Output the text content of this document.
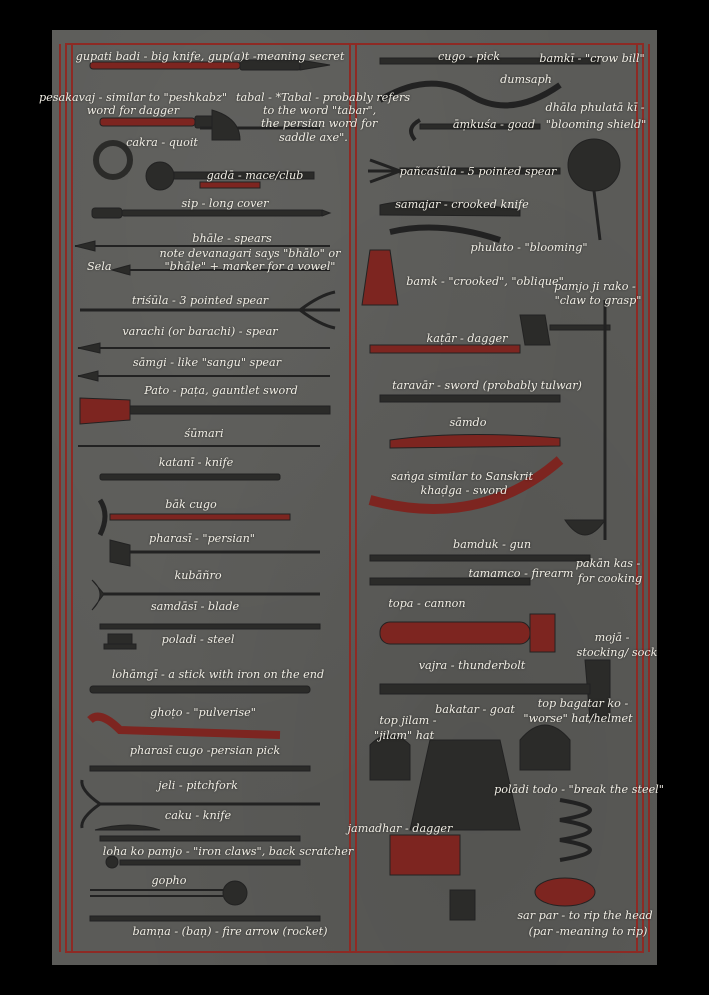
gupati badi - big knife, gup(a)t -meaning secret
pesakavaj - similar to "peshkabz"
word for dagger
tabal - *Tabal - probably refers
to the word "tabar",
the persian word for
saddle axe".
cakra - quoit
gadā - mace/club
sip - long cover
bhāle - spears
note devanagari says "bhālo" or
"bhāle" + marker for a vowel"
Sela
triśūla - 3 pointed spear
varachi (or barachi) - spear
sāmgi - like "sangu" spear
Pato - paṭa, gauntlet sword
śūmari
katanī - knife
bāk cugo
pharasī - "persian"
kubāñro
samdāsī - blade
poladi - steel
lohāmgī - a stick with iron on the end
ghoṭo - "pulverise"
pharasī cugo -persian pick
jeli - pitchfork
caku - knife
loha ko pamjo - "iron claws", back scratcher
gopho
bamṇa - (baṇ) - fire arrow (rocket)
cugo - pick	bamkī - "crow bill"
dumsaph
dhāla phulatā kī -
"blooming shield"
āṃkuśa - goad
pañcaśūla - 5 pointed spear
samajar - crooked knife
phulato - "blooming"
bamk - "crooked", "oblique"
pamjo ji rako -
"claw to grasp"
kaṭār - dagger
taravār - sword (probably tulwar)
sāmdo
saṅga similar to Sanskrit
khaḍga - sword
bamduk - gun
pakān kas -
for cooking
tamamco - firearm
topa - cannon
mojā -
stocking/ sock
vajra - thunderbolt
bakatar - goat top bagatar ko -
"worse" hat/helmet
top jilam -
"jilam" hat
polādi todo - "break the steel"
jamadhar - dagger
sar par - to rip the head
(par -meaning to rip)
